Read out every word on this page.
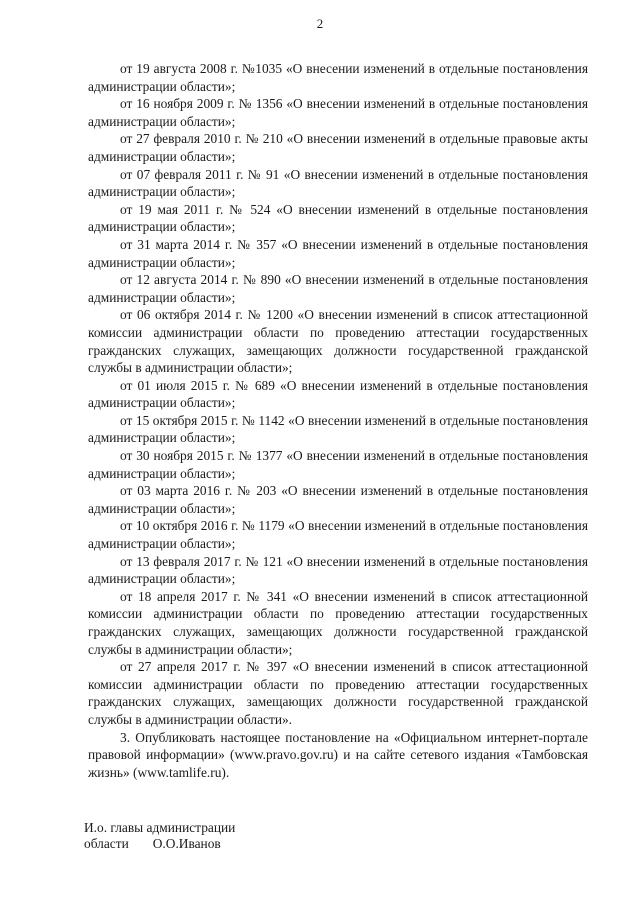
2

от 19 августа 2008 г. №1035 «О внесении изменений в отдельные постановления администрации области»;

от 16 ноября 2009 г. № 1356 «О внесении изменений в отдельные постановления администрации области»;

от 27 февраля 2010 г. № 210 «О внесении изменений в отдельные правовые акты администрации области»;

от 07 февраля 2011 г. № 91 «О внесении изменений в отдельные постановления администрации области»;

от 19 мая 2011 г. № 524 «О внесении изменений в отдельные постановления администрации области»;

от 31 марта 2014 г. № 357 «О внесении изменений в отдельные постановления администрации области»;

от 12 августа 2014 г. № 890 «О внесении изменений в отдельные постановления администрации области»;

от 06 октября 2014 г. № 1200 «О внесении изменений в список аттестационной комиссии администрации области по проведению аттестации государственных гражданских служащих, замещающих должности государственной гражданской службы в администрации области»;

от 01 июля 2015 г. № 689 «О внесении изменений в отдельные постановления администрации области»;

от 15 октября 2015 г. № 1142 «О внесении изменений в отдельные постановления администрации области»;

от 30 ноября 2015 г. № 1377 «О внесении изменений в отдельные постановления администрации области»;

от 03 марта 2016 г. № 203 «О внесении изменений в отдельные постановления администрации области»;

от 10 октября 2016 г. № 1179 «О внесении изменений в отдельные постановления администрации области»;

от 13 февраля 2017 г. № 121 «О внесении изменений в отдельные постановления администрации области»;

от 18 апреля 2017 г. № 341 «О внесении изменений в список аттестационной комиссии администрации области по проведению аттестации государственных гражданских служащих, замещающих должности государственной гражданской службы в администрации области»;

от 27 апреля 2017 г. № 397 «О внесении изменений в список аттестационной комиссии администрации области по проведению аттестации государственных гражданских служащих, замещающих должности государственной гражданской службы в администрации области».

3. Опубликовать настоящее постановление на «Официальном интернет-портале правовой информации» (www.pravo.gov.ru) и на сайте сетевого издания «Тамбовская жизнь» (www.tamlife.ru).

И.о. главы администрации
области О.О.Иванов
